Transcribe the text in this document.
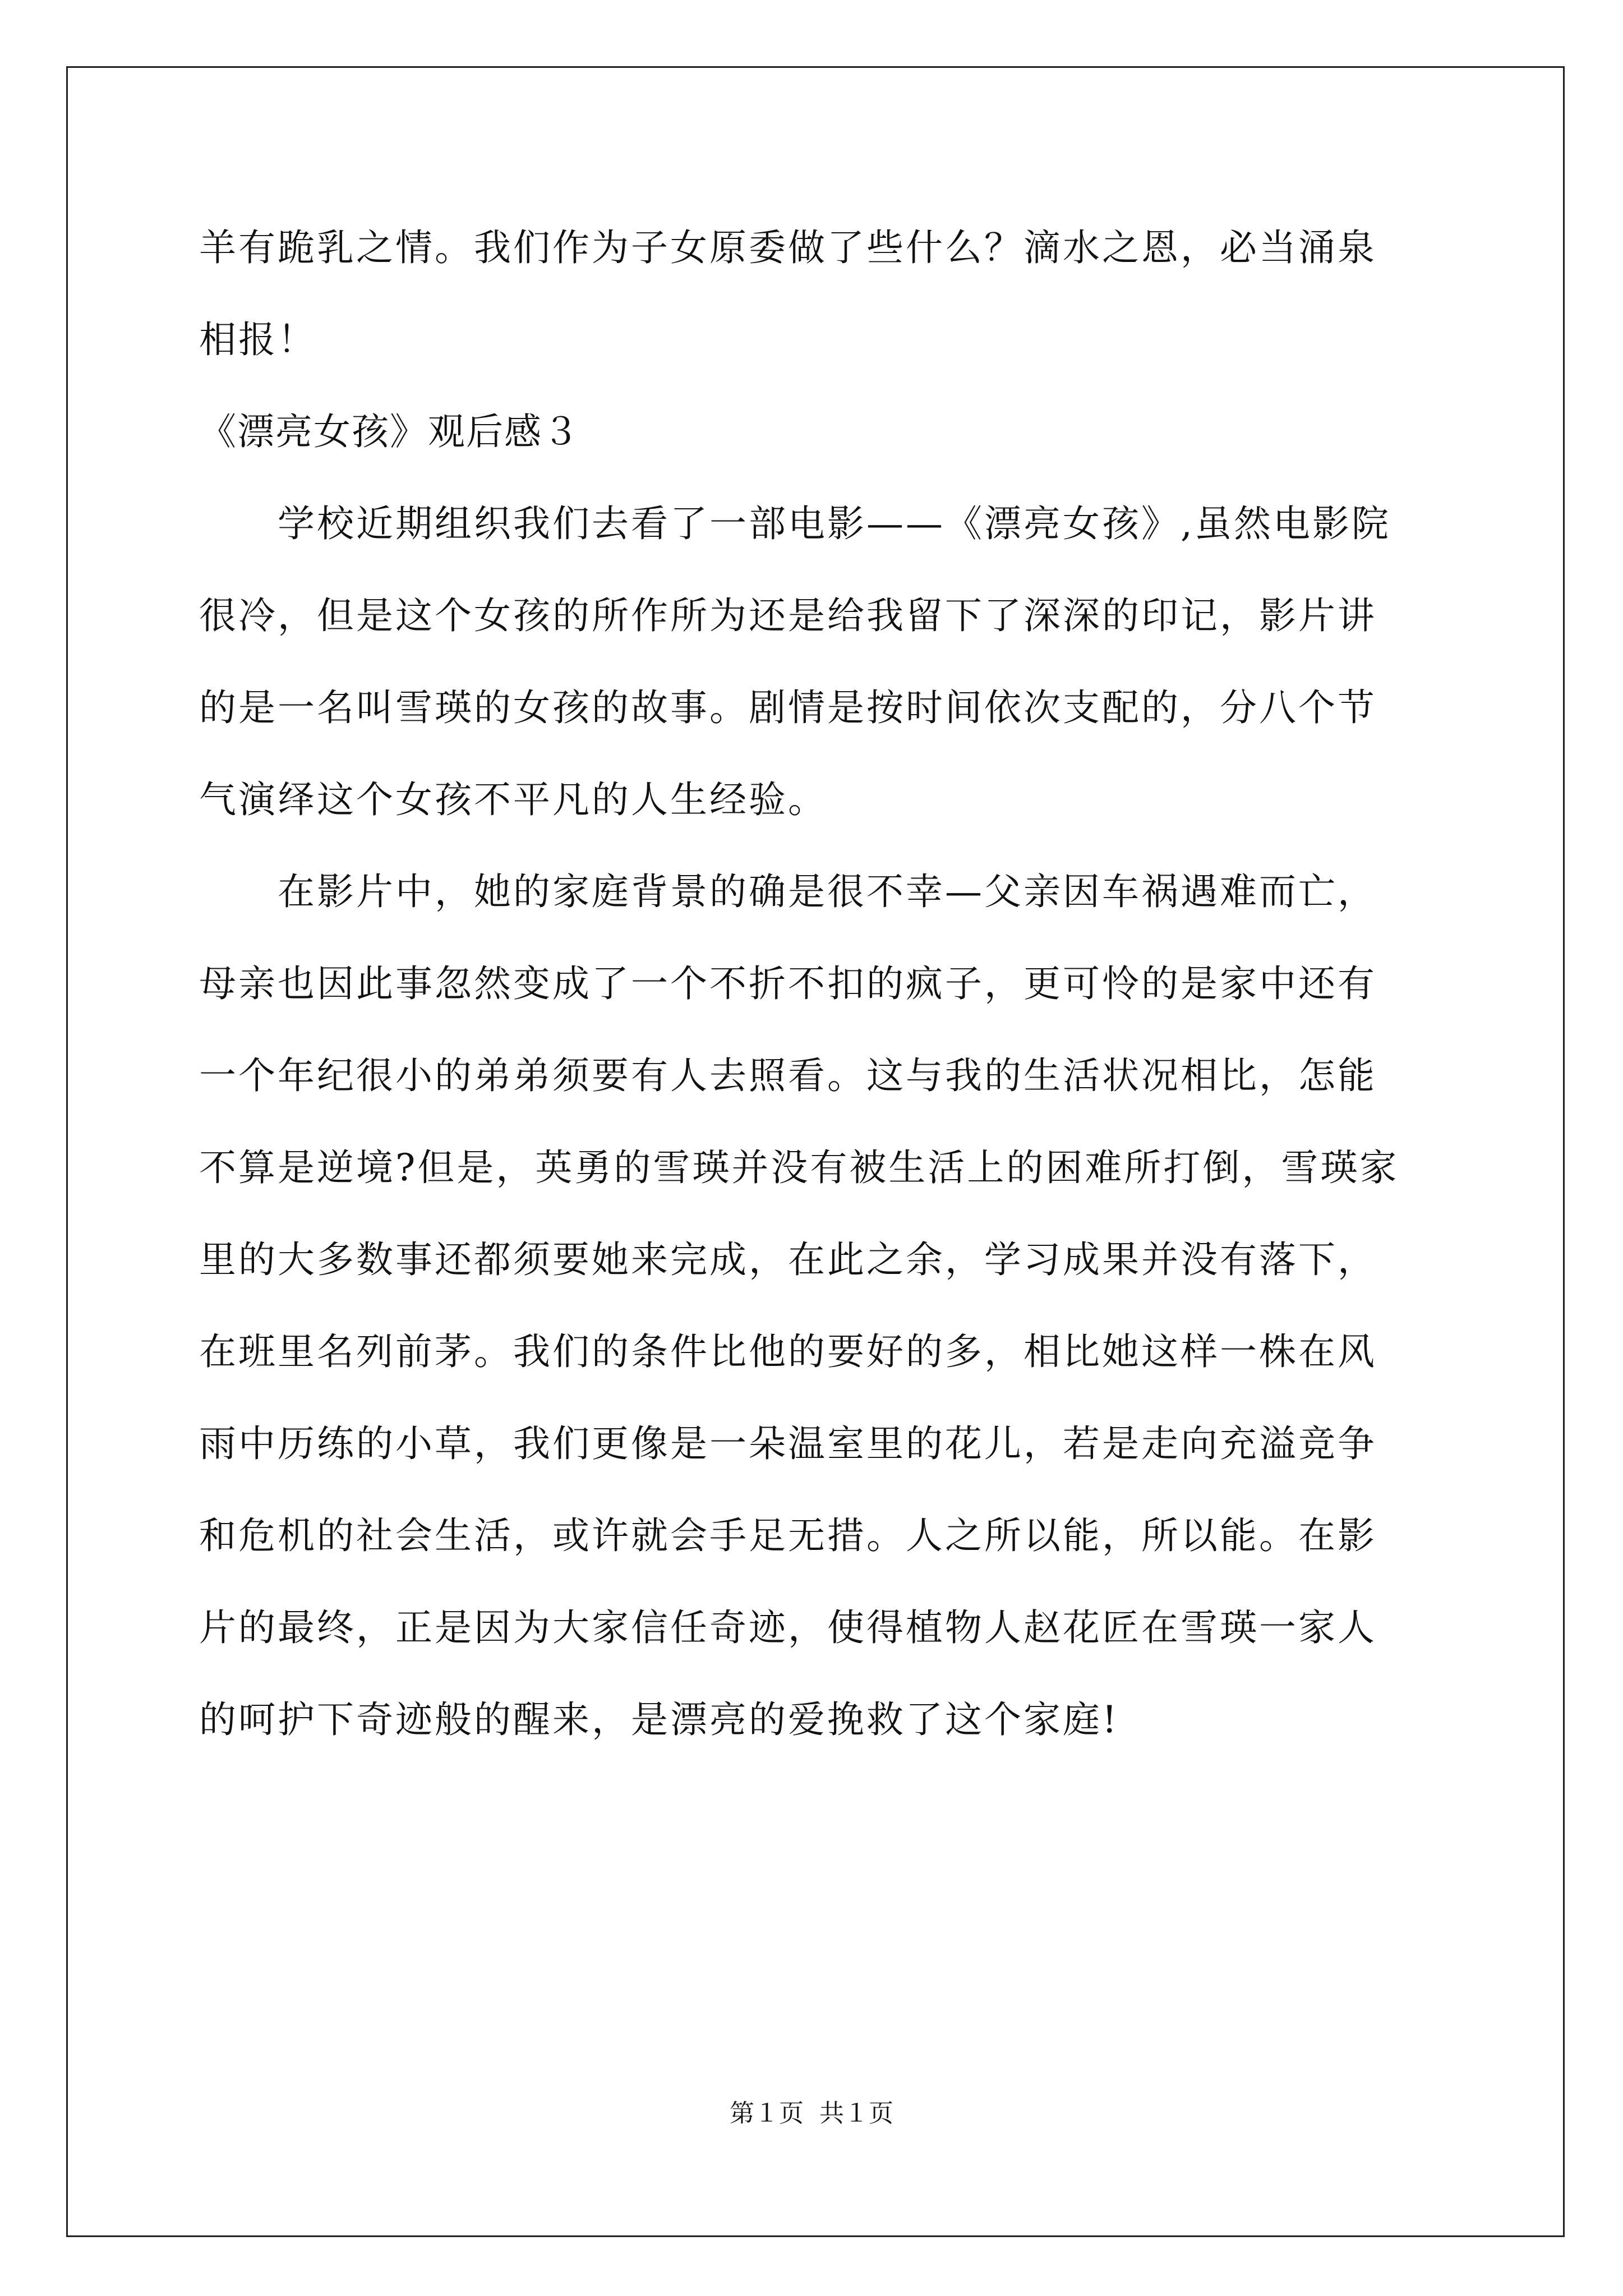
羊有跪乳之情。我们作为子女原委做了些什么？滴水之恩，必当涌泉
相报！
《漂亮女孩》观后感３
学校近期组织我们去看了一部电影——《漂亮女孩》,虽然电影院
很冷，但是这个女孩的所作所为还是给我留下了深深的印记，影片讲
的是一名叫雪瑛的女孩的故事。剧情是按时间依次支配的，分八个节
气演绎这个女孩不平凡的人生经验。
在影片中，她的家庭背景的确是很不幸—父亲因车祸遇难而亡，
母亲也因此事忽然变成了一个不折不扣的疯子，更可怜的是家中还有
一个年纪很小的弟弟须要有人去照看。这与我的生活状况相比，怎能
不算是逆境?但是，英勇的雪瑛并没有被生活上的困难所打倒，雪瑛家
里的大多数事还都须要她来完成，在此之余，学习成果并没有落下，
在班里名列前茅。我们的条件比他的要好的多，相比她这样一株在风
雨中历练的小草，我们更像是一朵温室里的花儿，若是走向充溢竞争
和危机的社会生活，或许就会手足无措。人之所以能，所以能。在影
片的最终，正是因为大家信任奇迹，使得植物人赵花匠在雪瑛一家人
的呵护下奇迹般的醒来，是漂亮的爱挽救了这个家庭!
第１页 共１页
